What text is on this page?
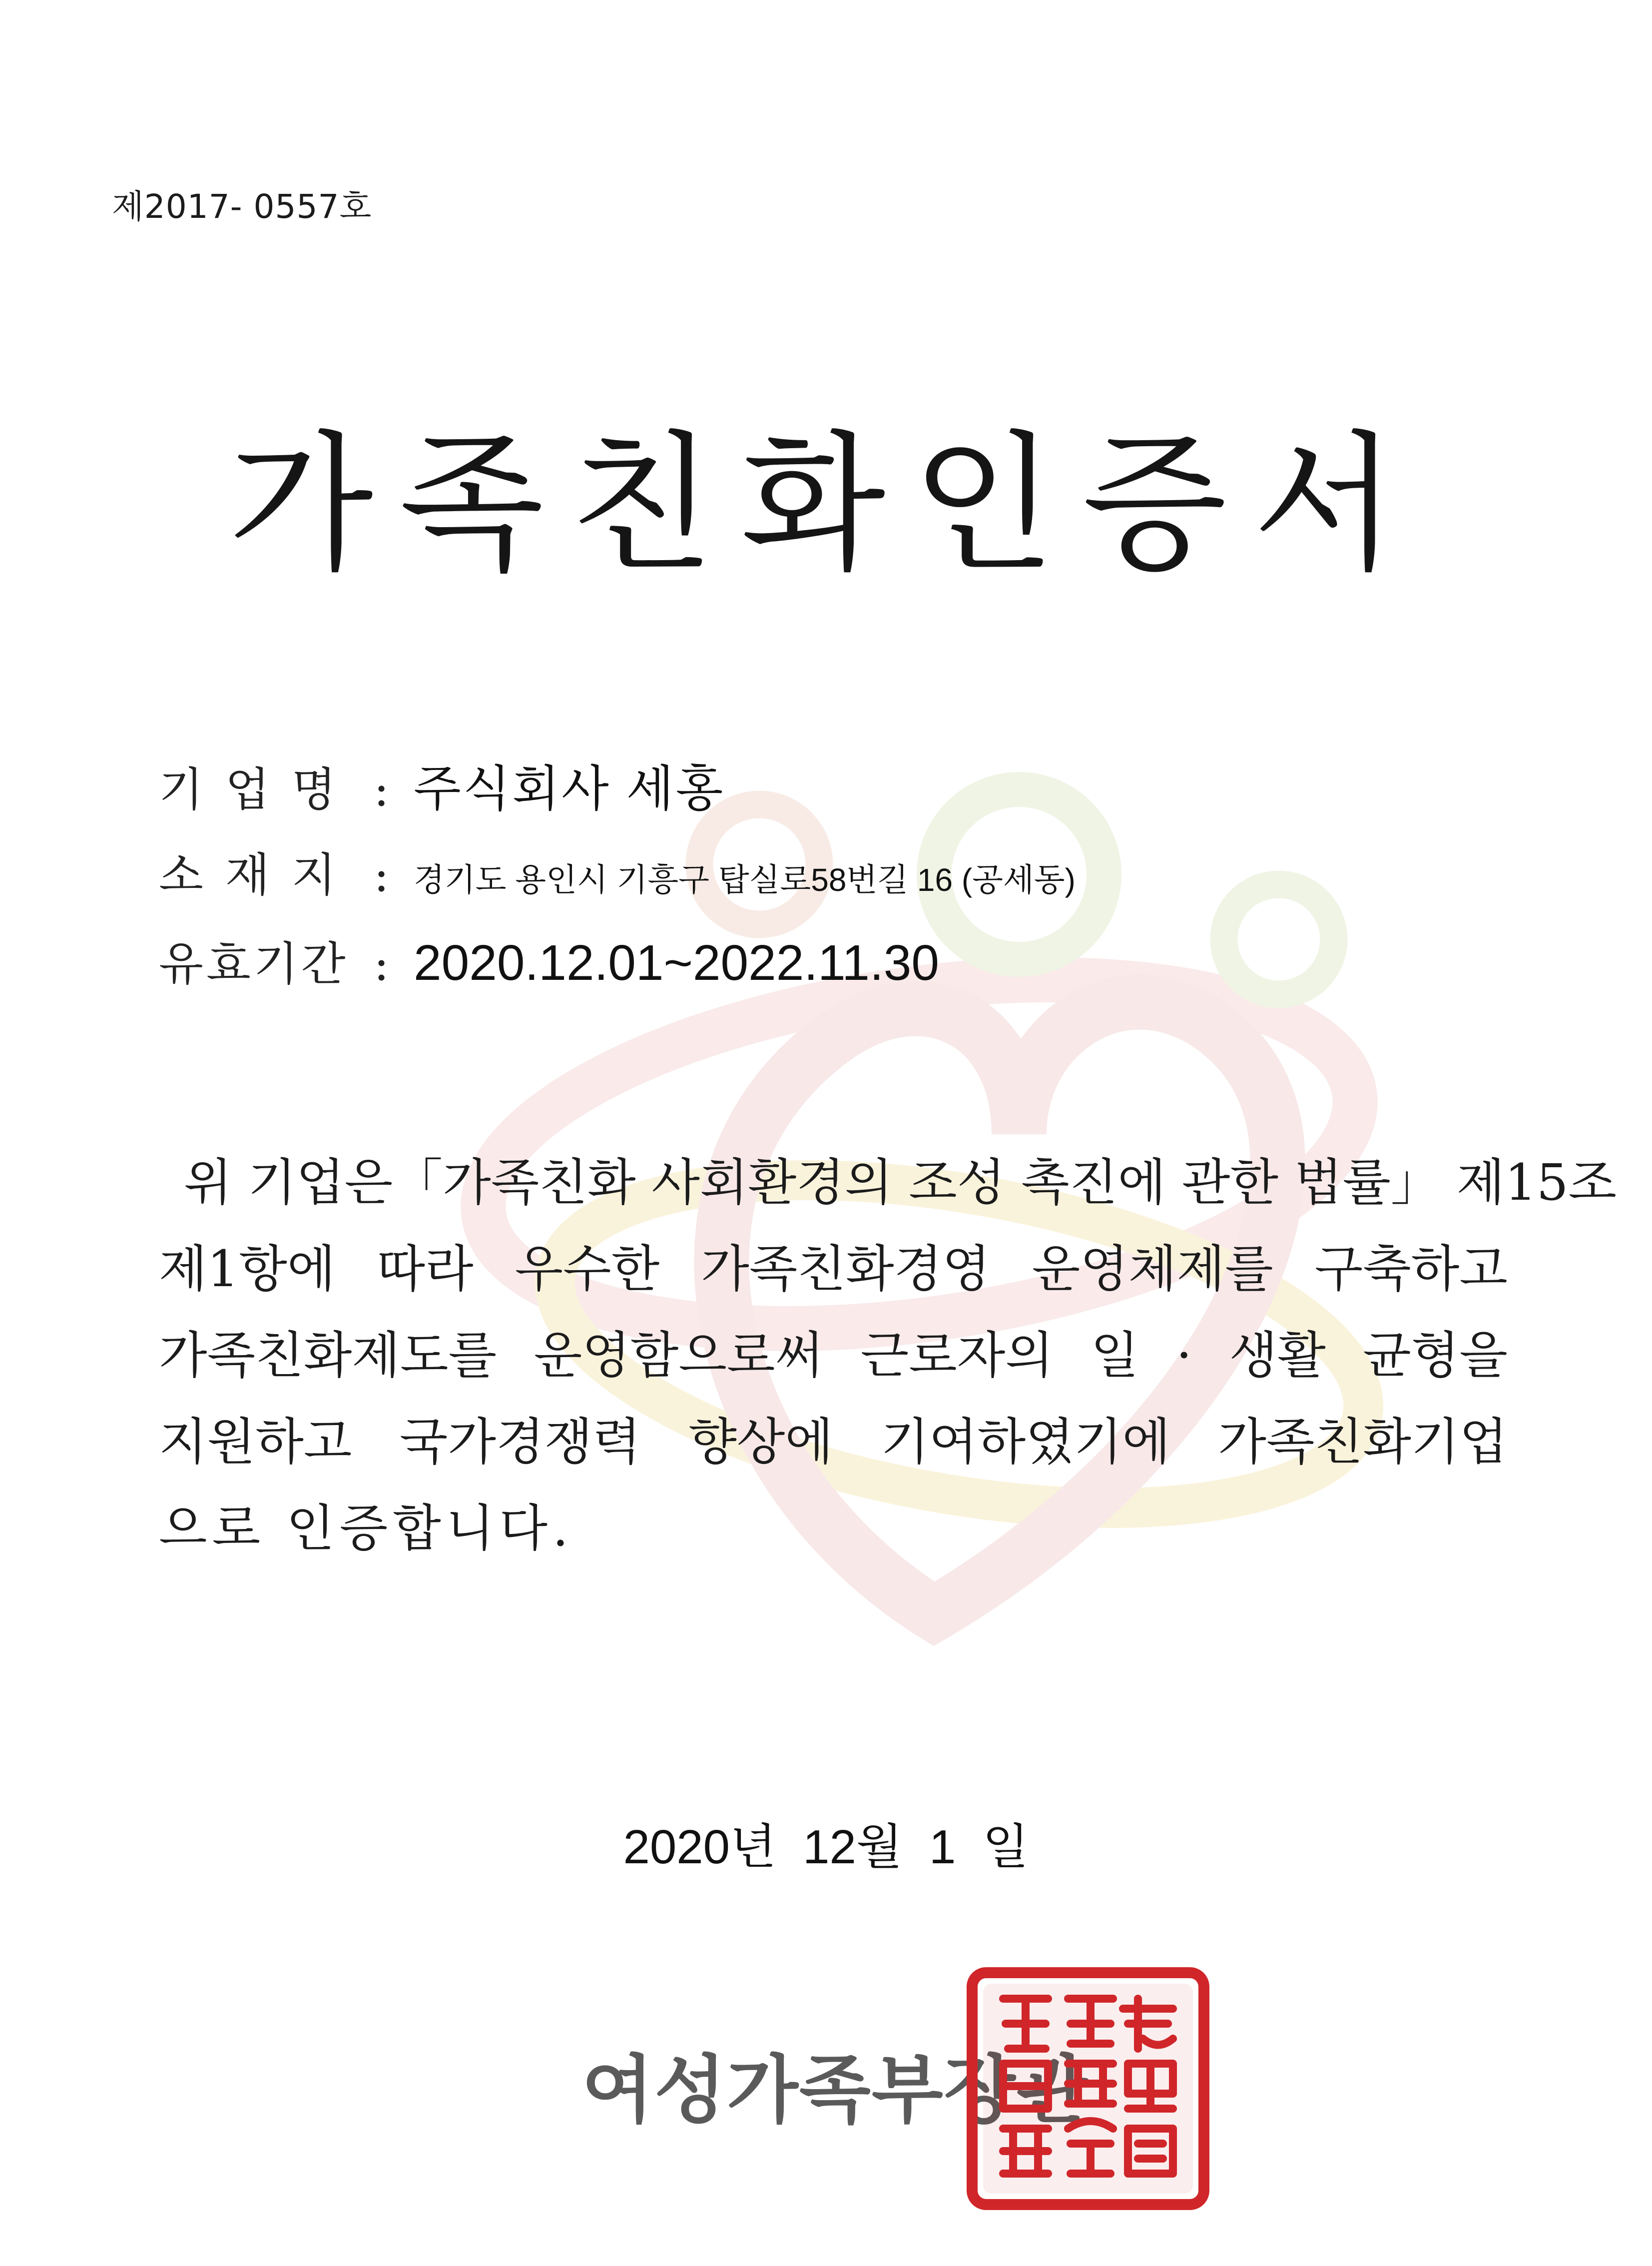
제2017- 0557호
가족친화인증서
기업명 : 주식회사 세홍
소재지 : 경기도 용인시 기흥구 탑실로58번길 16 (공세동)
유효기간 : 2020.12.01~2022.11.30
위 기업은「가족친화 사회환경의 조성 촉진에 관한 법률」 제15조
제1항에 따라 우수한 가족친화경영 운영체제를 구축하고
가족친화제도를 운영함으로써 근로자의 일 · 생활 균형을
지원하고 국가경쟁력 향상에 기여하였기에 가족친화기업
으로 인증합니다.
2020년  12월  1  일
여성가족부장관
